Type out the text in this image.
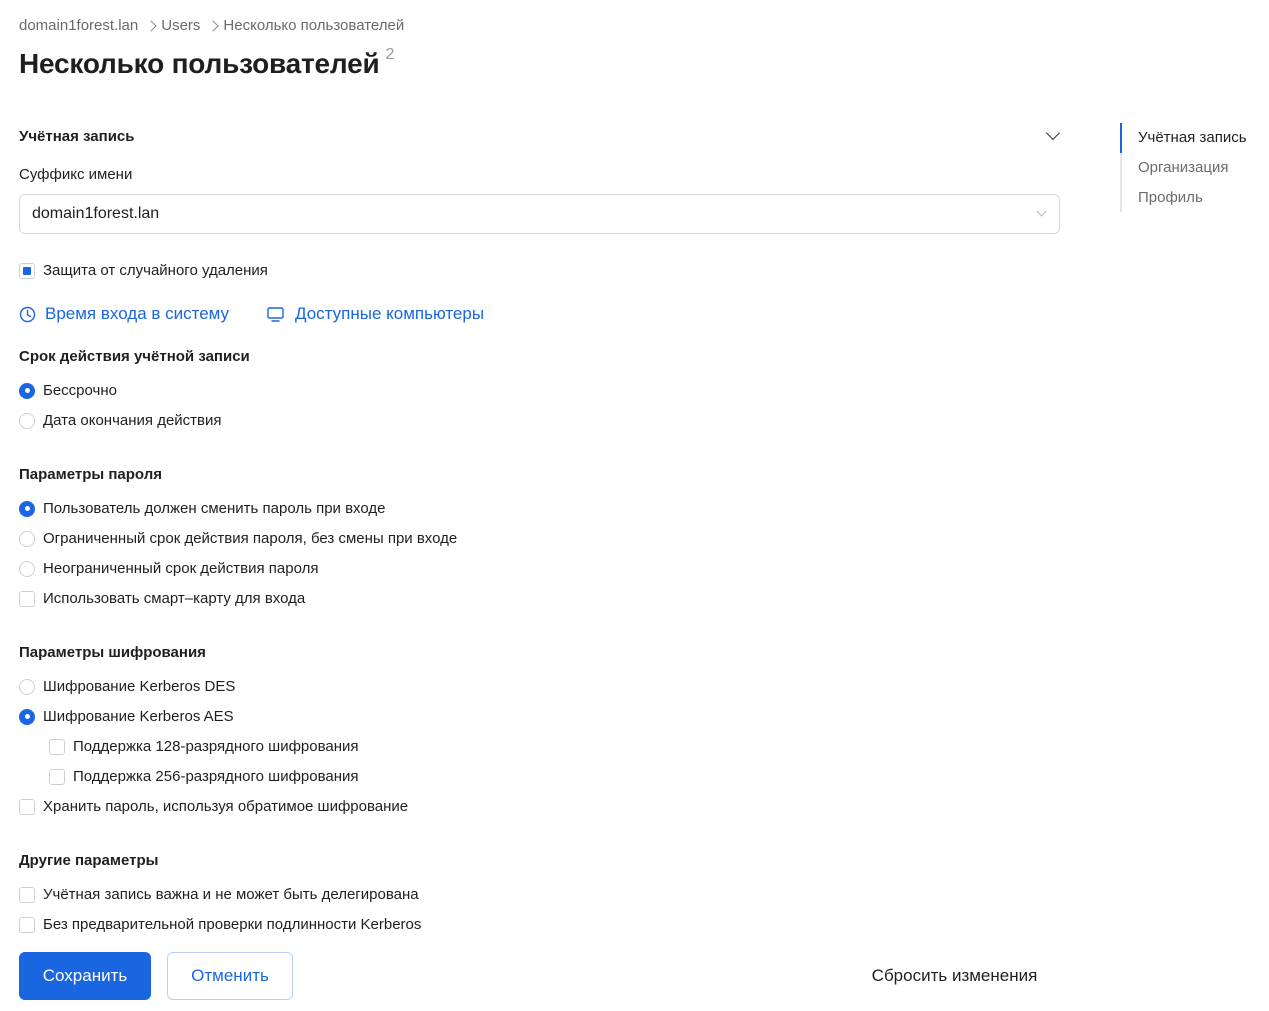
domain1forest.lan Users Несколько пользователей
Несколько пользователей $^2$
Учётная запись
Суффикс имени
domain1forest.lan
Защита от случайного удаления
Время входа в систему	Доступные компьютеры
Срок действия учётной записи
Бессрочно
Дата окончания действия
Параметры пароля
Пользователь должен сменить пароль при входе
Ограниченный срок действия пароля, без смены при входе
Неограниченный срок действия пароля
Использовать смарт–карту для входа
Параметры шифрования
Шифрование Kerberos DES
Шифрование Kerberos AES
Поддержка 128-разрядного шифрования
Поддержка 256-разрядного шифрования
Хранить пароль, используя обратимое шифрование
Другие параметры
Учётная запись важна и не может быть делегирована
Без предварительной проверки подлинности Kerberos
Сохранить	Отменить	Сбросить изменения
Учётная запись
Организация
Профиль
